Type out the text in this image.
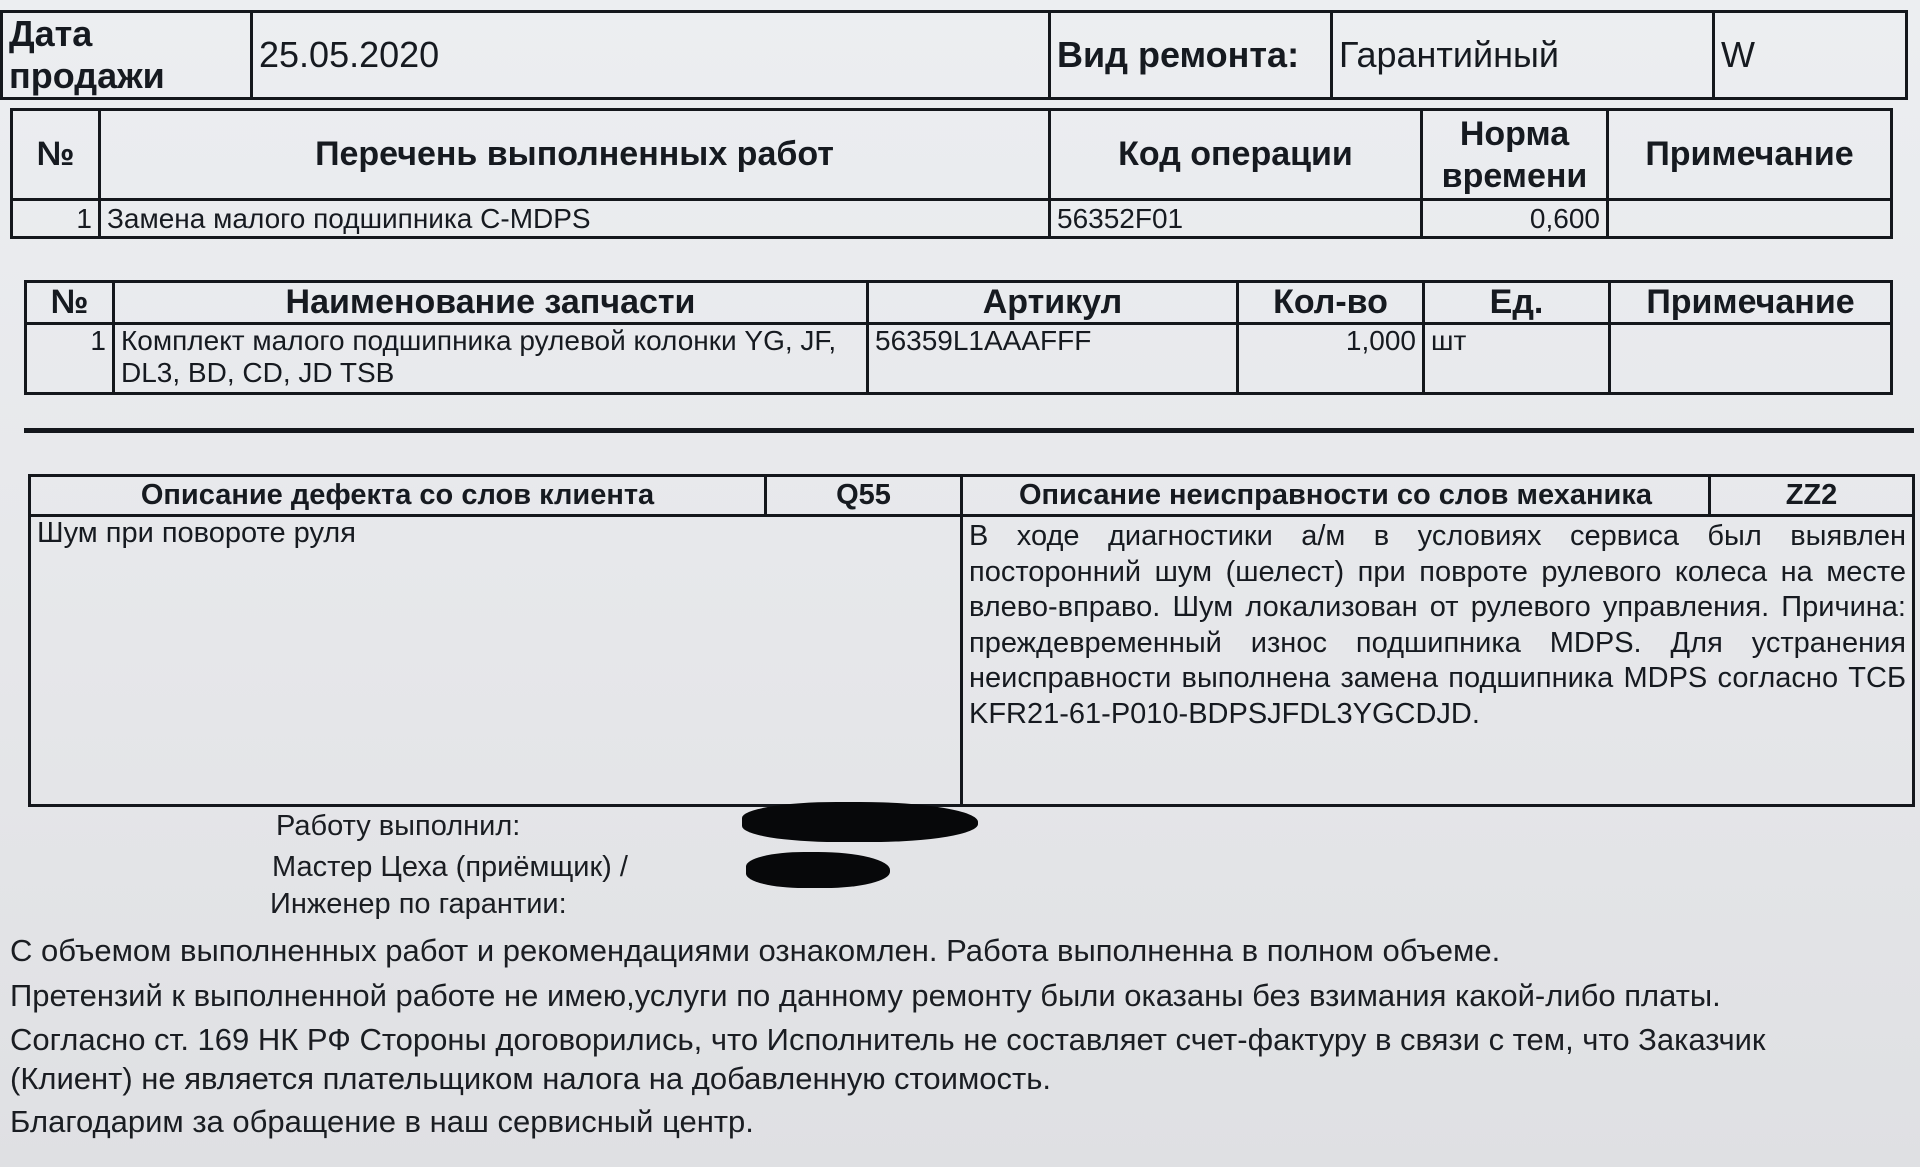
Дата продажи	25.05.2020	Вид ремонта:	Гарантийный	W
№	Перечень выполненных работ	Код операции	Норма времени	Примечание
1	Замена малого подшипника C-MDPS	56352F01	0,600	
№	Наименование запчасти	Артикул	Кол-во	Ед.	Примечание
1	Комплект малого подшипника рулевой колонки YG, JF, DL3, BD, CD, JD TSB	56359L1AAAFFF	1,000	шт	
Описание дефекта со слов клиента	Q55	Описание неисправности со слов механика	ZZ2
Шум при повороте руля		В ходе диагностики а/м в условиях сервиса был выявлен посторонний шум (шелест) при поврoте рулевого колеса на месте влево-вправо. Шум локализован от рулевого управления. Причина: преждевременный износ подшипника MDPS. Для устранения неисправности выполнена замена подшипника MDPS согласно ТСБ KFR21-61-P010-BDPSJFDL3YGCDJD.	
Работу выполнил:
Мастер Цеха (приёмщик) /
Инженер по гарантии:
С объемом выполненных работ и рекомендациями ознакомлен. Работа выполненна в полном объеме.
Претензий к выполненной работе не имею,услуги по данному ремонту были оказаны без взимания какой-либо платы.
Согласно ст. 169 НК РФ Стороны договорились, что Исполнитель не составляет счет-фактуру в связи с тем, что Заказчик
(Клиент) не является плательщиком налога на добавленную стоимость.
Благодарим за обращение в наш сервисный центр.
